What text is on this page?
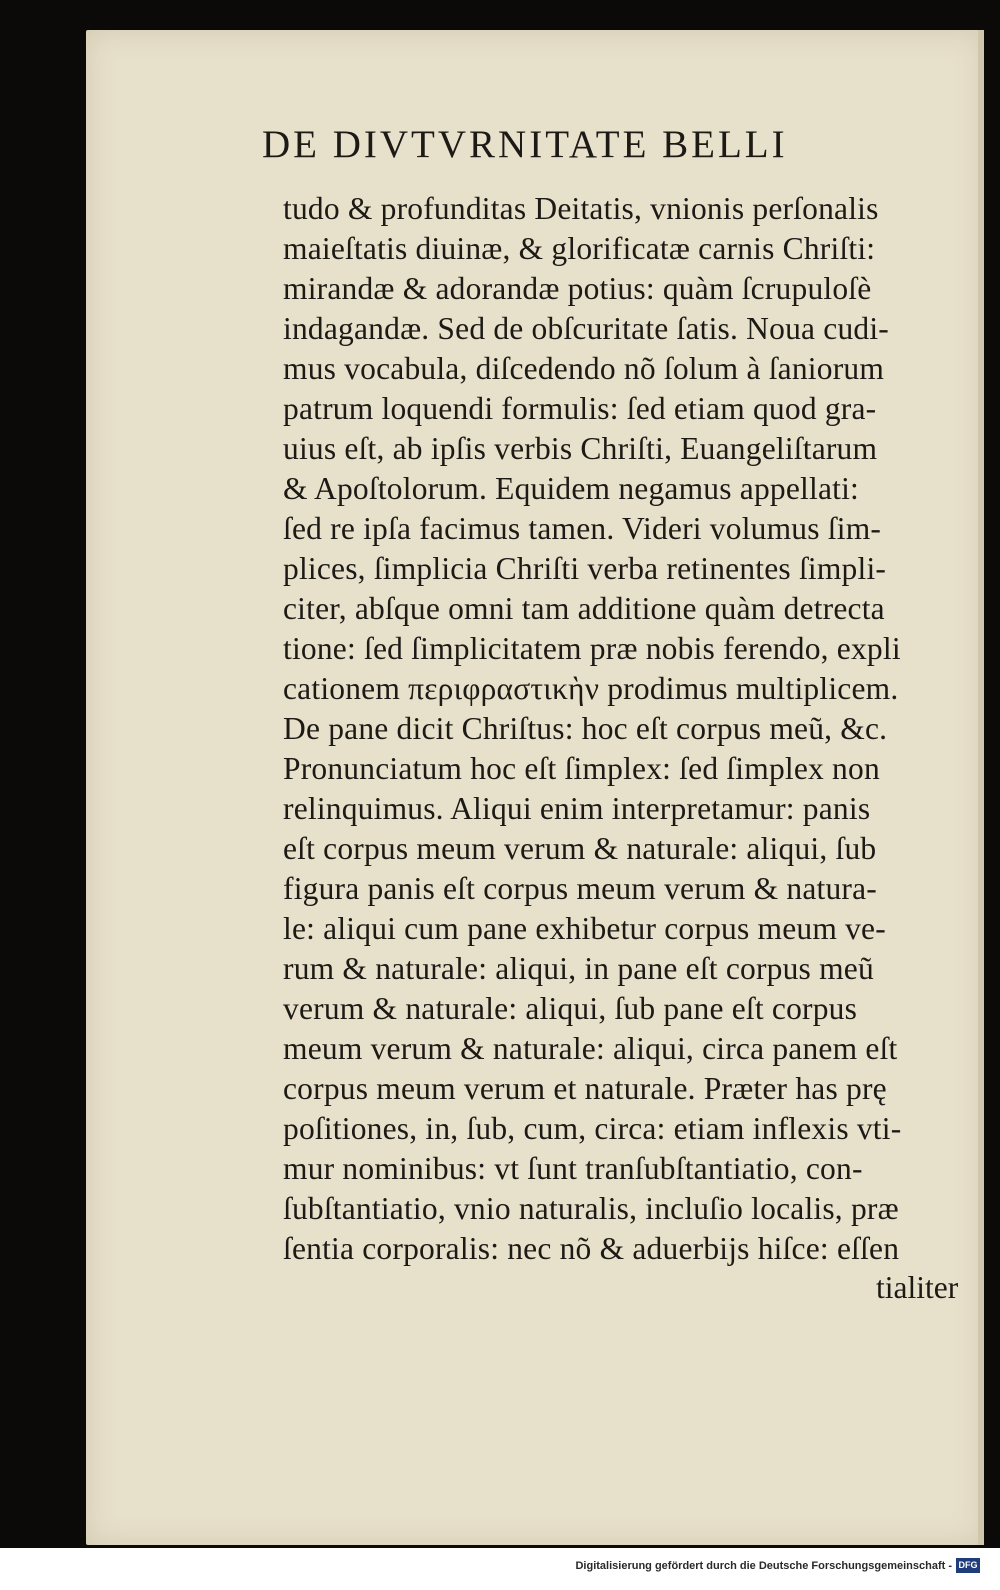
DE DIVTVRNITATE BELLI
tudo & profunditas Deitatis, vnionis perſonalis
maieſtatis diuinæ, & glorificatæ carnis Chriſti:
mirandæ & adorandæ potius: quàm ſcrupuloſè
indagandæ. Sed de obſcuritate ſatis. Noua cudi-
mus vocabula, diſcedendo nõ ſolum à ſaniorum
patrum loquendi formulis: ſed etiam quod gra-
uius eſt, ab ipſis verbis Chriſti, Euangeliſtarum
& Apoſtolorum. Equidem negamus appellati:
ſed re ipſa facimus tamen. Videri volumus ſim-
plices, ſimplicia Chriſti verba retinentes ſimpli-
citer, abſque omni tam additione quàm detrecta
tione: ſed ſimplicitatem præ nobis ferendo, expli
cationem περιφραστικὴν prodimus multiplicem.
De pane dicit Chriſtus: hoc eſt corpus meũ, &c.
Pronunciatum hoc eſt ſimplex: ſed ſimplex non
relinquimus. Aliqui enim interpretamur: panis
eſt corpus meum verum & naturale: aliqui, ſub
figura panis eſt corpus meum verum & natura-
le: aliqui cum pane exhibetur corpus meum ve-
rum & naturale: aliqui, in pane eſt corpus meũ
verum & naturale: aliqui, ſub pane eſt corpus
meum verum & naturale: aliqui, circa panem eſt
corpus meum verum et naturale. Præter has prę
poſitiones, in, ſub, cum, circa: etiam inflexis vti-
mur nominibus: vt ſunt tranſubſtantiatio, con-
ſubſtantiatio, vnio naturalis, incluſio localis, præ
ſentia corporalis: nec nõ & aduerbijs hiſce: eſſen
tialiter
Digitalisierung gefördert durch die Deutsche Forschungsgemeinschaft - DFG
